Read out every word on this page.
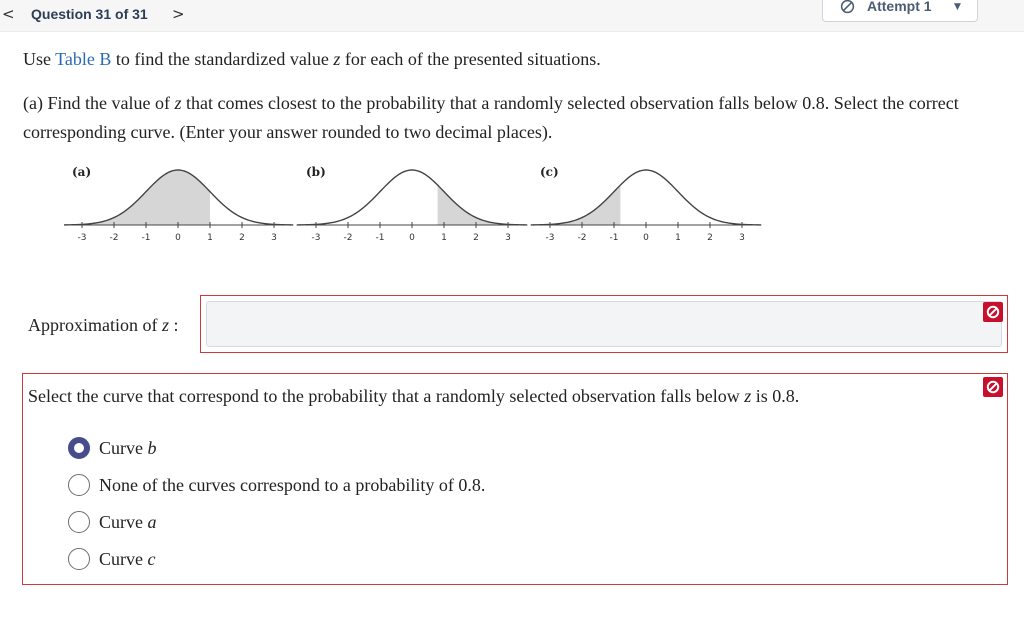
< Question 31 of 31 >	Attempt 1 ▼
Use Table B to find the standardized value z for each of the presented situations.
(a) Find the value of z that comes closest to the probability that a randomly selected observation falls below 0.8. Select the correct corresponding curve. (Enter your answer rounded to two decimal places).
-3	-2	-1	0	1	2	3
(a)
-3	-2	-1	0	1	2	3
(b)
-3	-2	-1	0	1	2	3
(c)
Approximation of z :
Select the curve that correspond to the probability that a randomly selected observation falls below z is 0.8.
Curve b
None of the curves correspond to a probability of 0.8.
Curve a
Curve c
